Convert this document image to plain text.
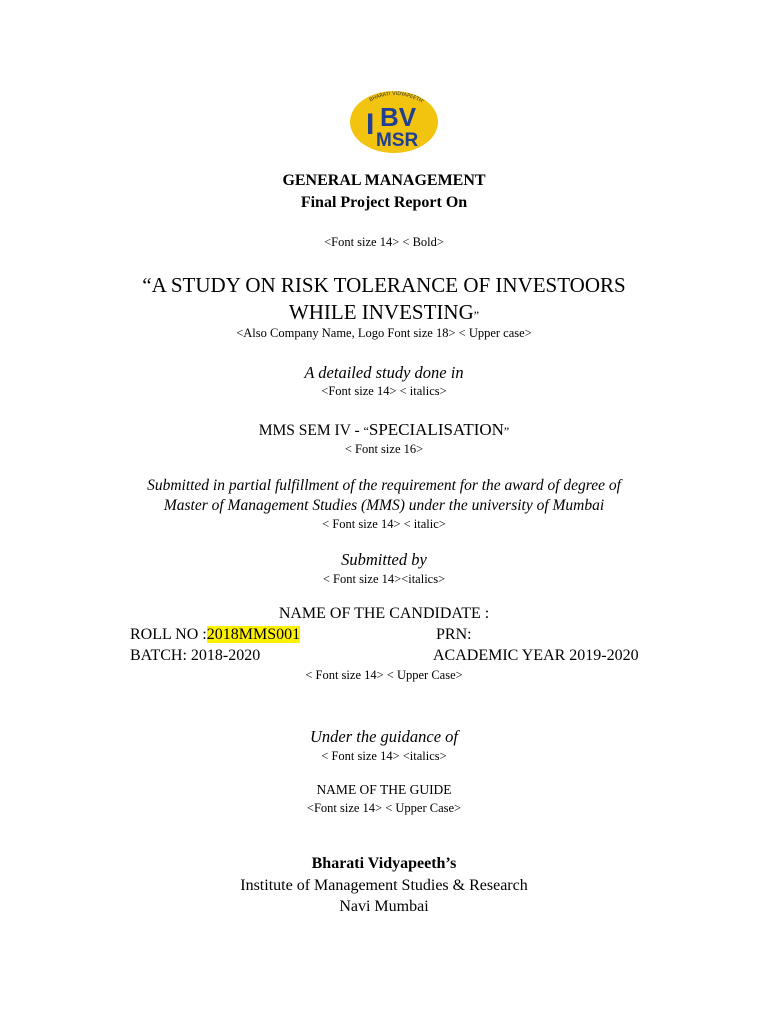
BHARATI VIDYAPEETH'
BV
I MSR
GENERAL MANAGEMENT
Final Project Report On
<Font size 14> < Bold>
“A STUDY ON RISK TOLERANCE OF INVESTOORS
WHILE INVESTING”
<Also Company Name, Logo Font size 18> < Upper case>
A detailed study done in
<Font size 14> < italics>
MMS SEM IV - “SPECIALISATION”
< Font size 16>
Submitted in partial fulfillment of the requirement for the award of degree of
Master of Management Studies (MMS) under the university of Mumbai
< Font size 14> < italic>
Submitted by
< Font size 14><italics>
NAME OF THE CANDIDATE :
ROLL NO :2018MMS001	PRN:
BATCH: 2018-2020	ACADEMIC YEAR 2019-2020
< Font size 14> < Upper Case>
Under the guidance of
< Font size 14> <italics>
NAME OF THE GUIDE
<Font size 14> < Upper Case>
Bharati Vidyapeeth’s
Institute of Management Studies & Research
Navi Mumbai
